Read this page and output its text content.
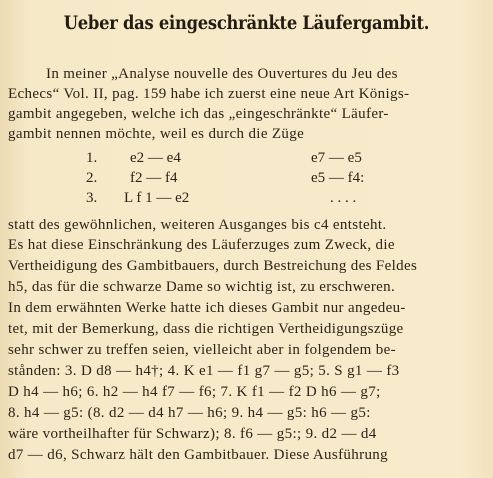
Ueber das eingeschränkte Läufergambit.
In meiner „Analyse nouvelle des Ouvertures du Jeu des
Echecs“ Vol. II, pag. 159 habe ich zuerst eine neue Art Königs-
gambit angegeben, welche ich das „eingeschränkte“ Läufer-
gambit nennen möchte, weil es durch die Züge
1. e2 — e4	e7 — e5
2. f2 — f4	e5 — f4:
3. L f 1 — e2	. . . .
statt des gewöhnlichen, weiteren Ausganges bis c4 entsteht.
Es hat diese Einschränkung des Läuferzuges zum Zweck, die
Vertheidigung des Gambitbauers, durch Bestreichung des Feldes
h5, das für die schwarze Dame so wichtig ist, zu erschweren.
In dem erwähnten Werke hatte ich dieses Gambit nur angedeu-
tet, mit der Bemerkung, dass die richtigen Vertheidigungszüge
sehr schwer zu treffen seien, vielleicht aber in folgendem be-
stånden: 3. D d8 — h4†; 4. K e1 — f1 g7 — g5; 5. S g1 — f3
D h4 — h6; 6. h2 — h4 f7 — f6; 7. K f1 — f2 D h6 — g7;
8. h4 — g5: (8. d2 — d4 h7 — h6; 9. h4 — g5: h6 — g5:
wäre vortheilhafter für Schwarz); 8. f6 — g5:; 9. d2 — d4
d7 — d6, Schwarz hält den Gambitbauer. Diese Ausführung
